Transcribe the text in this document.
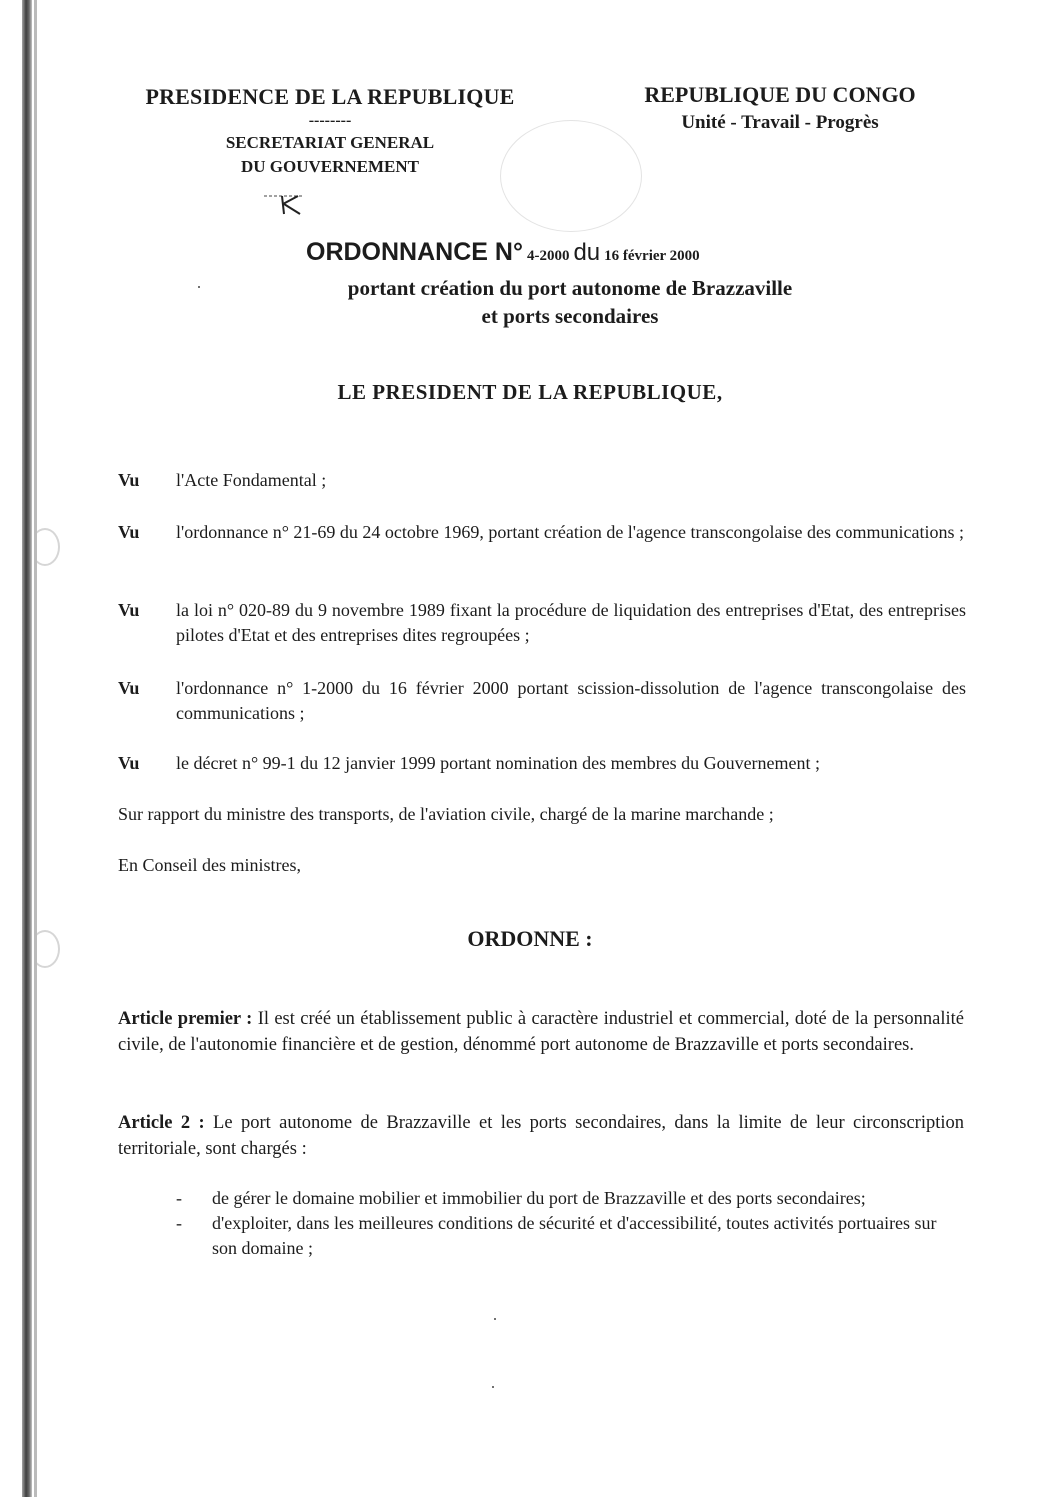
PRESIDENCE DE LA REPUBLIQUE
--------
SECRETARIAT GENERAL
DU GOUVERNEMENT
REPUBLIQUE DU CONGO
Unité - Travail - Progrès
ORDONNANCE N° 4-2000 du 16 février 2000
portant création du port autonome de Brazzaville
et ports secondaires
LE PRESIDENT DE LA REPUBLIQUE,
Vu l'Acte Fondamental ;
Vu l'ordonnance n° 21-69 du 24 octobre 1969, portant création de l'agence transcongolaise des communications ;
Vu la loi n° 020-89 du 9 novembre 1989 fixant la procédure de liquidation des entreprises d'Etat, des entreprises pilotes d'Etat et des entreprises dites regroupées ;
Vu l'ordonnance n° 1-2000 du 16 février 2000 portant scission-dissolution de l'agence transcongolaise des communications ;
Vu le décret n° 99-1 du 12 janvier 1999 portant nomination des membres du Gouvernement ;
Sur rapport du ministre des transports, de l'aviation civile, chargé de la marine marchande ;
En Conseil des ministres,
ORDONNE :
Article premier : Il est créé un établissement public à caractère industriel et commercial, doté de la personnalité civile, de l'autonomie financière et de gestion, dénommé port autonome de Brazzaville et ports secondaires.
Article 2 : Le port autonome de Brazzaville et les ports secondaires, dans la limite de leur circonscription territoriale, sont chargés :
- de gérer le domaine mobilier et immobilier du port de Brazzaville et des ports secondaires;
- d'exploiter, dans les meilleures conditions de sécurité et d'accessibilité, toutes activités portuaires sur son domaine ;
